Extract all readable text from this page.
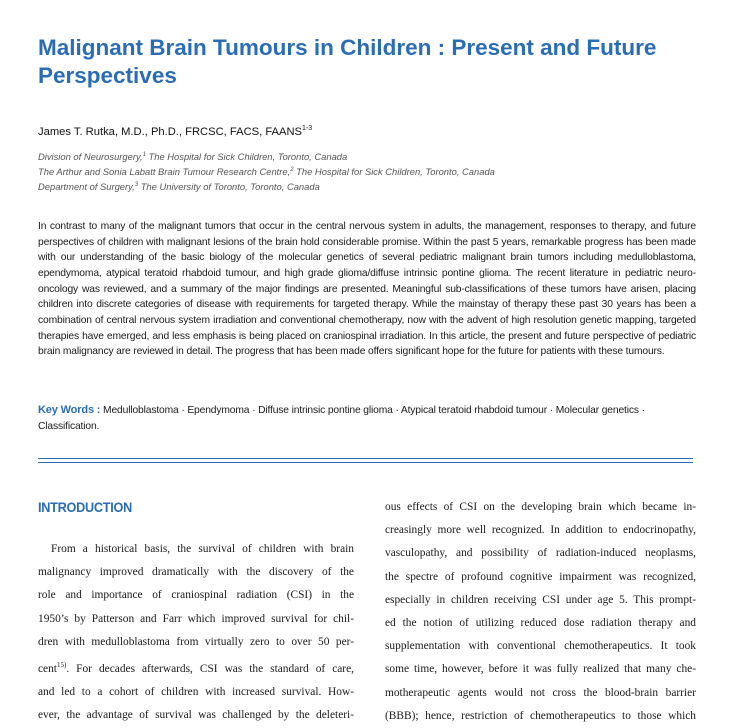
Malignant Brain Tumours in Children : Present and Future Perspectives
James T. Rutka, M.D., Ph.D., FRCSC, FACS, FAANS$^{1-3}$
Division of Neurosurgery,$^1$ The Hospital for Sick Children, Toronto, Canada
The Arthur and Sonia Labatt Brain Tumour Research Centre,$^2$ The Hospital for Sick Children, Toronto, Canada
Department of Surgery,$^3$ The University of Toronto, Toronto, Canada

In contrast to many of the malignant tumors that occur in the central nervous system in adults, the management, responses to therapy, and future perspectives of children with malignant lesions of the brain hold considerable promise. Within the past 5 years, remarkable progress has been made with our understanding of the basic biology of the molecular genetics of several pediatric malignant brain tumors including medulloblastoma, ependymoma, atypical teratoid rhabdoid tumour, and high grade glioma/diffuse intrinsic pontine glioma. The recent literature in pediatric neuro-oncology was reviewed, and a summary of the major findings are presented. Meaningful sub-classifications of these tumors have arisen, placing children into discrete categories of disease with requirements for targeted therapy. While the mainstay of therapy these past 30 years has been a combination of central nervous system irradiation and conventional chemotherapy, now with the advent of high resolution genetic mapping, targeted therapies have emerged, and less emphasis is being placed on craniospinal irradiation. In this article, the present and future perspective of pediatric brain malignancy are reviewed in detail. The progress that has been made offers significant hope for the future for patients with these tumours.

Key Words : Medulloblastoma · Ependymoma · Diffuse intrinsic pontine glioma · Atypical teratoid rhabdoid tumour · Molecular genetics · Classification.

INTRODUCTION
From a historical basis, the survival of children with brain
malignancy improved dramatically with the discovery of the
role and importance of craniospinal radiation (CSI) in the
1950’s by Patterson and Farr which improved survival for chil-
dren with medulloblastoma from virtually zero to over 50 per-
cent$^{15)}$. For decades afterwards, CSI was the standard of care,
and led to a cohort of children with increased survival. How-
ever, the advantage of survival was challenged by the deleteri-
ous effects of CSI on the developing brain which became in-
creasingly more well recognized. In addition to endocrinopathy,
vasculopathy, and possibility of radiation-induced neoplasms,
the spectre of profound cognitive impairment was recognized,
especially in children receiving CSI under age 5. This prompt-
ed the notion of utilizing reduced dose radiation therapy and
supplementation with conventional chemotherapeutics. It took
some time, however, before it was fully realized that many che-
motherapeutic agents would not cross the blood-brain barrier
(BBB); hence, restriction of chemotherapeutics to those which
